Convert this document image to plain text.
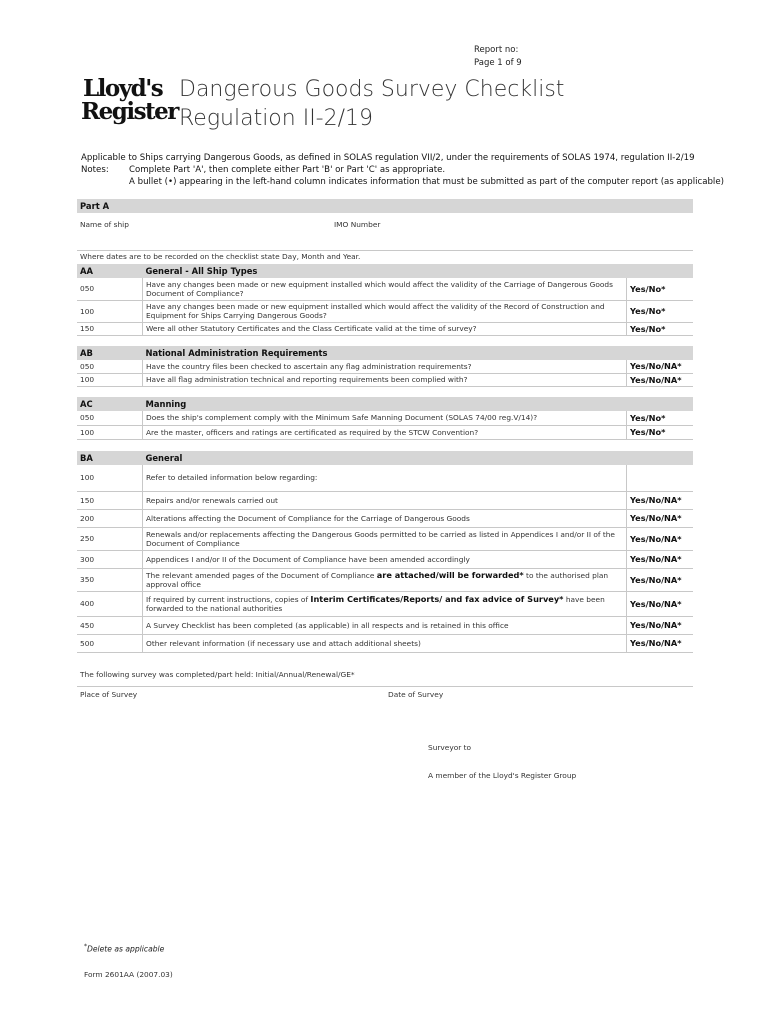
Report no:
Page 1 of 9
Lloyd's
Register
Dangerous Goods Survey Checklist
Regulation II-2/19
Applicable to Ships carrying Dangerous Goods, as defined in SOLAS regulation VII/2, under the requirements of SOLAS 1974, regulation II-2/19
Notes: Complete Part 'A', then complete either Part 'B' or Part 'C' as appropriate.
A bullet (•) appearing in the left-hand column indicates information that must be submitted as part of the computer report (as applicable)
Part A
Name of ship	IMO Number
Where dates are to be recorded on the checklist state Day, Month and Year.
AA	General - All Ship Types	
050	Have any changes been made or new equipment installed which would affect the validity of the Carriage of Dangerous Goods Document of Compliance?	Yes/No*
100	Have any changes been made or new equipment installed which would affect the validity of the Record of Construction and Equipment for Ships Carrying Dangerous Goods?	Yes/No*
150	Were all other Statutory Certificates and the Class Certificate valid at the time of survey?	Yes/No*
AB	National Administration Requirements	
050	Have the country files been checked to ascertain any flag administration requirements?	Yes/No/NA*
100	Have all flag administration technical and reporting requirements been complied with?	Yes/No/NA*
AC	Manning	
050	Does the ship's complement comply with the Minimum Safe Manning Document (SOLAS 74/00 reg.V/14)?	Yes/No*
100	Are the master, officers and ratings are certificated as required by the STCW Convention?	Yes/No*
BA	General	
100	Refer to detailed information below regarding:	
150	Repairs and/or renewals carried out	Yes/No/NA*
200	Alterations affecting the Document of Compliance for the Carriage of Dangerous Goods	Yes/No/NA*
250	Renewals and/or replacements affecting the Dangerous Goods permitted to be carried as listed in Appendices I and/or II of the Document of Compliance	Yes/No/NA*
300	Appendices I and/or II of the Document of Compliance have been amended accordingly	Yes/No/NA*
350	The relevant amended pages of the Document of Compliance are attached/will be forwarded* to the authorised plan approval office	Yes/No/NA*
400	If required by current instructions, copies of Interim Certificates/Reports/ and fax advice of Survey* have been forwarded to the national authorities	Yes/No/NA*
450	A Survey Checklist has been completed (as applicable) in all respects and is retained in this office	Yes/No/NA*
500	Other relevant information (if necessary use and attach additional sheets)	Yes/No/NA*
The following survey was completed/part held: Initial/Annual/Renewal/GE*
Place of Survey	Date of Survey
Surveyor to
A member of the Lloyd's Register Group
*Delete as applicable
Form 2601AA (2007.03)
